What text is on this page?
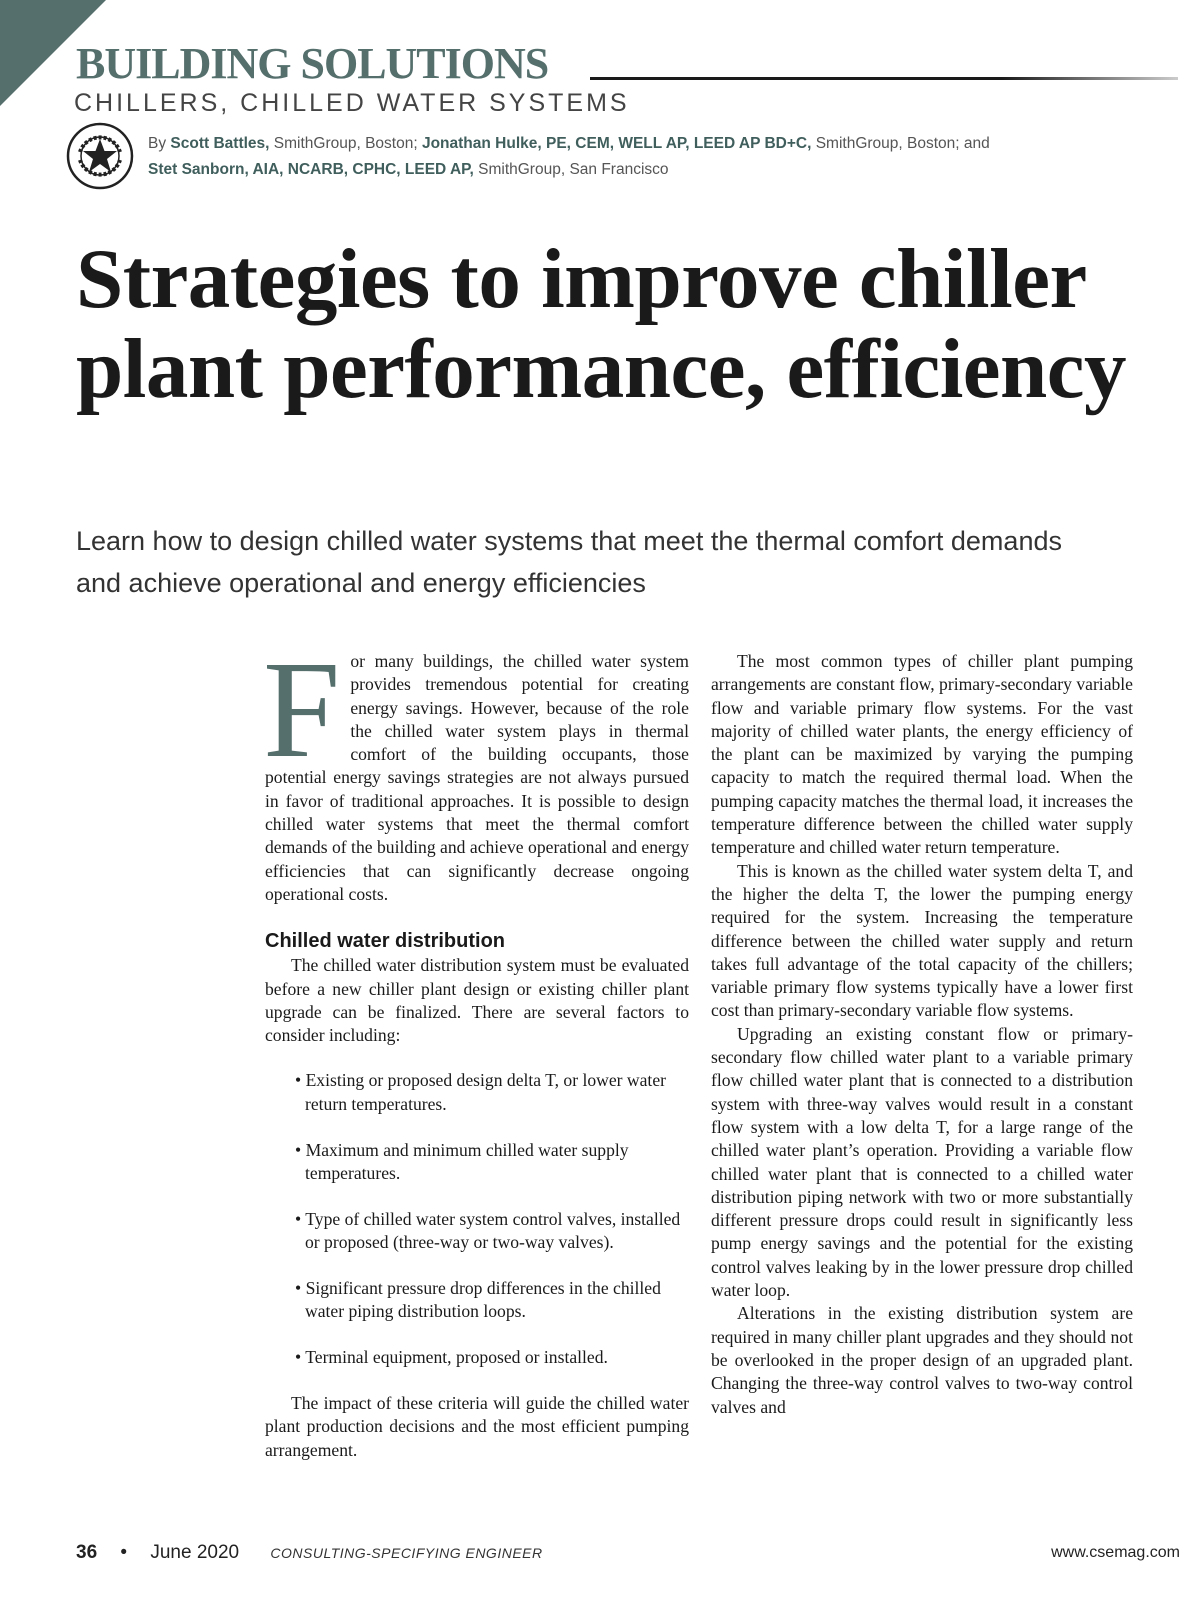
BUILDING SOLUTIONS
CHILLERS, CHILLED WATER SYSTEMS
By Scott Battles, SmithGroup, Boston; Jonathan Hulke, PE, CEM, WELL AP, LEED AP BD+C, SmithGroup, Boston; and
Stet Sanborn, AIA, NCARB, CPHC, LEED AP, SmithGroup, San Francisco
Strategies to improve chiller plant performance, efficiency
Learn how to design chilled water systems that meet the thermal comfort demands and achieve operational and energy efficiencies

For many buildings, the chilled water system provides tremendous potential for creating energy savings. However, because of the role the chilled water system plays in thermal comfort of the building occupants, those potential energy savings strategies are not always pursued in favor of traditional approaches. It is possible to design chilled water systems that meet the thermal comfort demands of the building and achieve operational and energy efficiencies that can significantly decrease ongoing operational costs.

Chilled water distribution

The chilled water distribution system must be evaluated before a new chiller plant design or existing chiller plant upgrade can be finalized. There are several factors to consider including:

• Existing or proposed design delta T, or lower water return temperatures.
• Maximum and minimum chilled water supply temperatures.
• Type of chilled water system control valves, installed or proposed (three-way or two-way valves).
• Significant pressure drop differences in the chilled water piping distribution loops.
• Terminal equipment, proposed or installed.

The impact of these criteria will guide the chilled water plant production decisions and the most efficient pumping arrangement.

The most common types of chiller plant pumping arrangements are constant flow, primary-secondary variable flow and variable primary flow systems. For the vast majority of chilled water plants, the energy efficiency of the plant can be maximized by varying the pumping capacity to match the required thermal load. When the pumping capacity matches the thermal load, it increases the temperature difference between the chilled water supply temperature and chilled water return temperature.

This is known as the chilled water system delta T, and the higher the delta T, the lower the pumping energy required for the system. Increasing the temperature difference between the chilled water supply and return takes full advantage of the total capacity of the chillers; variable primary flow systems typically have a lower first cost than primary-secondary variable flow systems.

Upgrading an existing constant flow or primary-secondary flow chilled water plant to a variable primary flow chilled water plant that is connected to a distribution system with three-way valves would result in a constant flow system with a low delta T, for a large range of the chilled water plant’s operation. Providing a variable flow chilled water plant that is connected to a chilled water distribution piping network with two or more substantially different pressure drops could result in significantly less pump energy savings and the potential for the existing control valves leaking by in the lower pressure drop chilled water loop.

Alterations in the existing distribution system are required in many chiller plant upgrades and they should not be overlooked in the proper design of an upgraded plant. Changing the three-way control valves to two-way control valves and

36 • June 2020 CONSULTING-SPECIFYING ENGINEER	www.csemag.com
